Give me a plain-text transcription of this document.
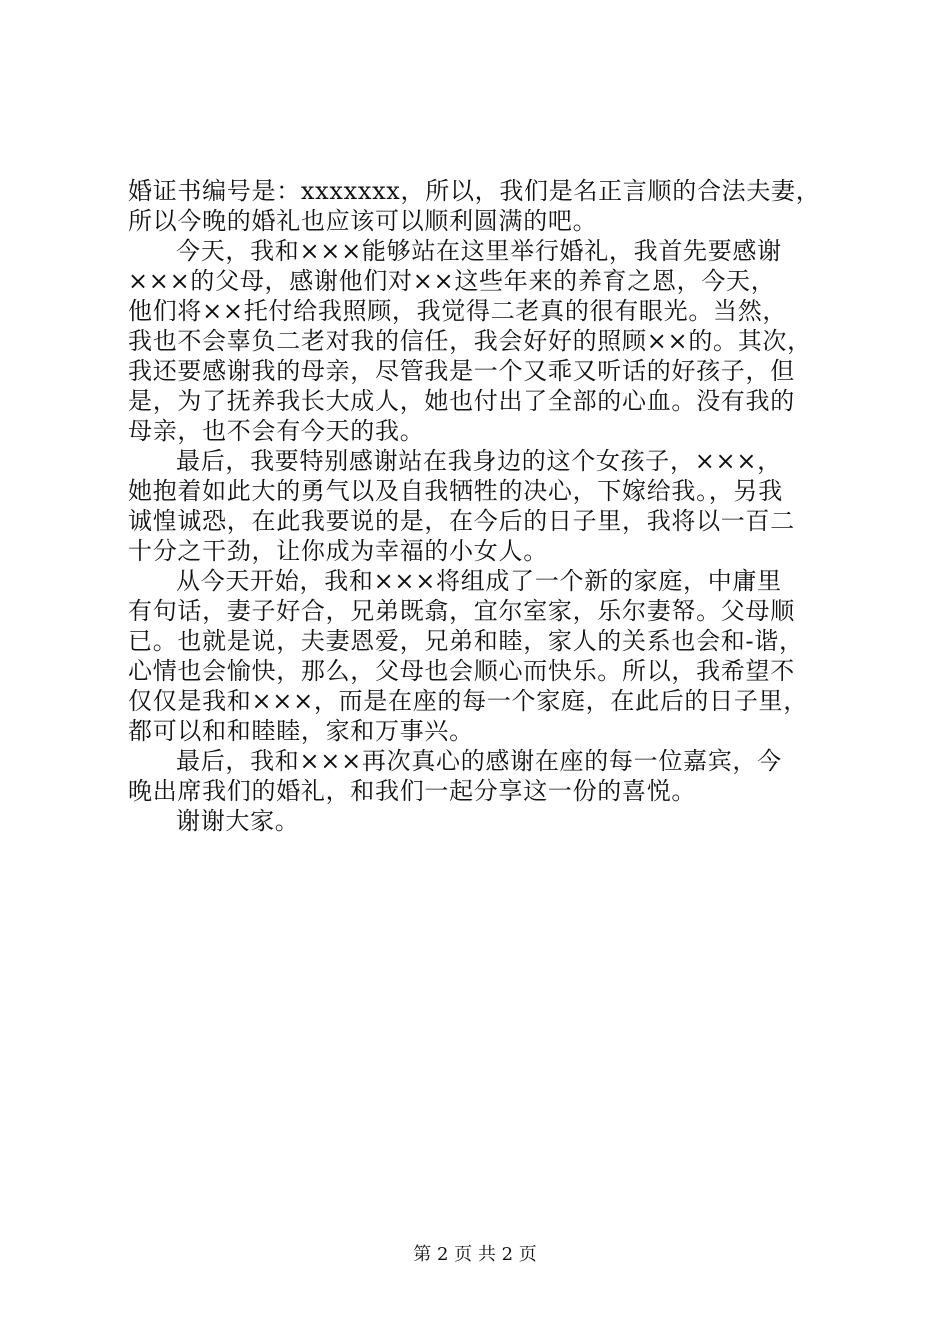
婚证书编号是：xxxxxxx，所以，我们是名正言顺的合法夫妻，
所以今晚的婚礼也应该可以顺利圆满的吧。
今天，我和×××能够站在这里举行婚礼，我首先要感谢
×××的父母，感谢他们对××这些年来的养育之恩，今天，
他们将××托付给我照顾，我觉得二老真的很有眼光。当然，
我也不会辜负二老对我的信任，我会好好的照顾××的。其次，
我还要感谢我的母亲，尽管我是一个又乖又听话的好孩子，但
是，为了抚养我长大成人，她也付出了全部的心血。没有我的
母亲，也不会有今天的我。
最后，我要特别感谢站在我身边的这个女孩子，×××，
她抱着如此大的勇气以及自我牺牲的决心，下嫁给我。，另我
诚惶诚恐，在此我要说的是，在今后的日子里，我将以一百二
十分之干劲，让你成为幸福的小女人。
从今天开始，我和×××将组成了一个新的家庭，中庸里
有句话，妻子好合，兄弟既翕，宜尔室家，乐尔妻帑。父母顺
已。也就是说，夫妻恩爱，兄弟和睦，家人的关系也会和-谐，
心情也会愉快，那么，父母也会顺心而快乐。所以，我希望不
仅仅是我和×××，而是在座的每一个家庭，在此后的日子里，
都可以和和睦睦，家和万事兴。
最后，我和×××再次真心的感谢在座的每一位嘉宾，今
晚出席我们的婚礼，和我们一起分享这一份的喜悦。
谢谢大家。
第 2 页 共 2 页
